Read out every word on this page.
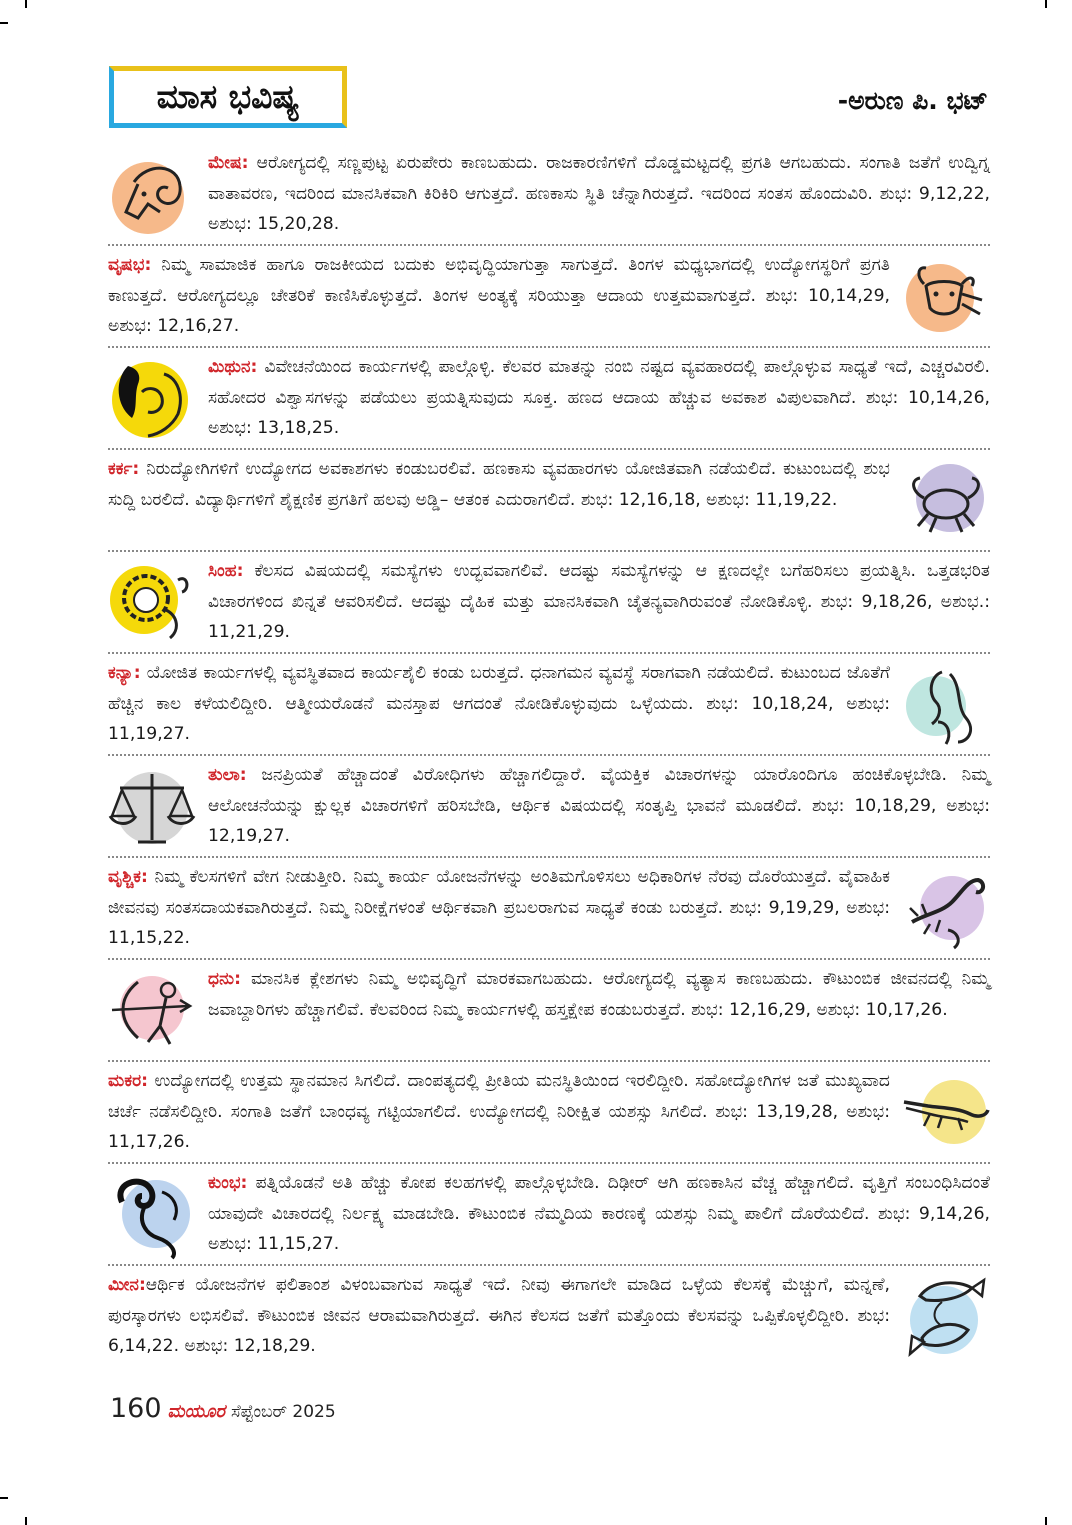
ಮಾಸ ಭವಿಷ್ಯ	-ಅರುಣ ಪಿ. ಭಟ್
ಮೇಷ: ಆರೋಗ್ಯದಲ್ಲಿ ಸಣ್ಣಪುಟ್ಟ ಏರುಪೇರು ಕಾಣಬಹುದು. ರಾಜಕಾರಣಿಗಳಿಗೆ ದೊಡ್ಡಮಟ್ಟದಲ್ಲಿ ಪ್ರಗತಿ ಆಗಬಹುದು. ಸಂಗಾತಿ ಜತೆಗೆ ಉದ್ವಿಗ್ನ ವಾತಾವರಣ, ಇದರಿಂದ ಮಾನಸಿಕವಾಗಿ ಕಿರಿಕಿರಿ ಆಗುತ್ತದೆ. ಹಣಕಾಸು ಸ್ಥಿತಿ ಚೆನ್ನಾಗಿರುತ್ತದೆ. ಇದರಿಂದ ಸಂತಸ ಹೊಂದುವಿರಿ. ಶುಭ: 9,12,22, ಅಶುಭ: 15,20,28.
ವೃಷಭ: ನಿಮ್ಮ ಸಾಮಾಜಿಕ ಹಾಗೂ ರಾಜಕೀಯದ ಬದುಕು ಅಭಿವೃದ್ಧಿಯಾಗುತ್ತಾ ಸಾಗುತ್ತದೆ. ತಿಂಗಳ ಮಧ್ಯಭಾಗದಲ್ಲಿ ಉದ್ಯೋಗಸ್ಥರಿಗೆ ಪ್ರಗತಿ ಕಾಣುತ್ತದೆ. ಆರೋಗ್ಯದಲ್ಲೂ ಚೇತರಿಕೆ ಕಾಣಿಸಿಕೊಳ್ಳುತ್ತದೆ. ತಿಂಗಳ ಅಂತ್ಯಕ್ಕೆ ಸರಿಯುತ್ತಾ ಆದಾಯ ಉತ್ತಮವಾಗುತ್ತದೆ. ಶುಭ: 10,14,29, ಅಶುಭ: 12,16,27.
ಮಿಥುನ: ವಿವೇಚನೆಯಿಂದ ಕಾರ್ಯಗಳಲ್ಲಿ ಪಾಲ್ಗೊಳ್ಳಿ. ಕೆಲವರ ಮಾತನ್ನು ನಂಬಿ ನಷ್ಟದ ವ್ಯವಹಾರದಲ್ಲಿ ಪಾಲ್ಗೊಳ್ಳುವ ಸಾಧ್ಯತೆ ಇದೆ, ಎಚ್ಚರವಿರಲಿ. ಸಹೋದರ ವಿಶ್ವಾಸಗಳನ್ನು ಪಡೆಯಲು ಪ್ರಯತ್ನಿಸುವುದು ಸೂಕ್ತ. ಹಣದ ಆದಾಯ ಹೆಚ್ಚುವ ಅವಕಾಶ ವಿಪುಲವಾಗಿದೆ. ಶುಭ: 10,14,26, ಅಶುಭ: 13,18,25.
ಕರ್ಕ: ನಿರುದ್ಯೋಗಿಗಳಿಗೆ ಉದ್ಯೋಗದ ಅವಕಾಶಗಳು ಕಂಡುಬರಲಿವೆ. ಹಣಕಾಸು ವ್ಯವಹಾರಗಳು ಯೋಜಿತವಾಗಿ ನಡೆಯಲಿದೆ. ಕುಟುಂಬದಲ್ಲಿ ಶುಭ ಸುದ್ದಿ ಬರಲಿದೆ. ವಿದ್ಯಾರ್ಥಿಗಳಿಗೆ ಶೈಕ್ಷಣಿಕ ಪ್ರಗತಿಗೆ ಹಲವು ಅಡ್ಡಿ– ಆತಂಕ ಎದುರಾಗಲಿದೆ. ಶುಭ: 12,16,18, ಅಶುಭ: 11,19,22.
ಸಿಂಹ: ಕೆಲಸದ ವಿಷಯದಲ್ಲಿ ಸಮಸ್ಯೆಗಳು ಉದ್ಭವವಾಗಲಿವೆ. ಆದಷ್ಟು ಸಮಸ್ಯೆಗಳನ್ನು ಆ ಕ್ಷಣದಲ್ಲೇ ಬಗೆಹರಿಸಲು ಪ್ರಯತ್ನಿಸಿ. ಒತ್ತಡಭರಿತ ವಿಚಾರಗಳಿಂದ ಖಿನ್ನತೆ ಆವರಿಸಲಿದೆ. ಆದಷ್ಟು ದೈಹಿಕ ಮತ್ತು ಮಾನಸಿಕವಾಗಿ ಚೈತನ್ಯವಾಗಿರುವಂತೆ ನೋಡಿಕೊಳ್ಳಿ. ಶುಭ: 9,18,26, ಅಶುಭ.: 11,21,29.
ಕನ್ಯಾ: ಯೋಜಿತ ಕಾರ್ಯಗಳಲ್ಲಿ ವ್ಯವಸ್ಥಿತವಾದ ಕಾರ್ಯಶೈಲಿ ಕಂಡು ಬರುತ್ತದೆ. ಧನಾಗಮನ ವ್ಯವಸ್ಥೆ ಸರಾಗವಾಗಿ ನಡೆಯಲಿದೆ. ಕುಟುಂಬದ ಜೊತೆಗೆ ಹೆಚ್ಚಿನ ಕಾಲ ಕಳೆಯಲಿದ್ದೀರಿ. ಆತ್ಮೀಯರೊಡನೆ ಮನಸ್ತಾಪ ಆಗದಂತೆ ನೋಡಿಕೊಳ್ಳುವುದು ಒಳ್ಳೆಯದು. ಶುಭ: 10,18,24, ಅಶುಭ: 11,19,27.
ತುಲಾ: ಜನಪ್ರಿಯತೆ ಹೆಚ್ಚಾದಂತೆ ವಿರೋಧಿಗಳು ಹೆಚ್ಚಾಗಲಿದ್ದಾರೆ. ವೈಯಕ್ತಿಕ ವಿಚಾರಗಳನ್ನು ಯಾರೊಂದಿಗೂ ಹಂಚಿಕೊಳ್ಳಬೇಡಿ. ನಿಮ್ಮ ಆಲೋಚನೆಯನ್ನು ಕ್ಷುಲ್ಲಕ ವಿಚಾರಗಳಿಗೆ ಹರಿಸಬೇಡಿ, ಆರ್ಥಿಕ ವಿಷಯದಲ್ಲಿ ಸಂತೃಪ್ತಿ ಭಾವನೆ ಮೂಡಲಿದೆ. ಶುಭ: 10,18,29, ಅಶುಭ: 12,19,27.
ವೃಶ್ಚಿಕ: ನಿಮ್ಮ ಕೆಲಸಗಳಿಗೆ ವೇಗ ನೀಡುತ್ತೀರಿ. ನಿಮ್ಮ ಕಾರ್ಯ ಯೋಜನೆಗಳನ್ನು ಅಂತಿಮಗೊಳಿಸಲು ಅಧಿಕಾರಿಗಳ ನೆರವು ದೊರೆಯುತ್ತದೆ. ವೈವಾಹಿಕ ಜೀವನವು ಸಂತಸದಾಯಕವಾಗಿರುತ್ತದೆ. ನಿಮ್ಮ ನಿರೀಕ್ಷೆಗಳಂತೆ ಆರ್ಥಿಕವಾಗಿ ಪ್ರಬಲರಾಗುವ ಸಾಧ್ಯತೆ ಕಂಡು ಬರುತ್ತದೆ. ಶುಭ: 9,19,29, ಅಶುಭ: 11,15,22.
ಧನು: ಮಾನಸಿಕ ಕ್ಲೇಶಗಳು ನಿಮ್ಮ ಅಭಿವೃದ್ಧಿಗೆ ಮಾರಕವಾಗಬಹುದು. ಆರೋಗ್ಯದಲ್ಲಿ ವ್ಯತ್ಯಾಸ ಕಾಣಬಹುದು. ಕೌಟುಂಬಿಕ ಜೀವನದಲ್ಲಿ ನಿಮ್ಮ ಜವಾಬ್ದಾರಿಗಳು ಹೆಚ್ಚಾಗಲಿವೆ. ಕೆಲವರಿಂದ ನಿಮ್ಮ ಕಾರ್ಯಗಳಲ್ಲಿ ಹಸ್ತಕ್ಷೇಪ ಕಂಡುಬರುತ್ತದೆ. ಶುಭ: 12,16,29, ಅಶುಭ: 10,17,26.
ಮಕರ: ಉದ್ಯೋಗದಲ್ಲಿ ಉತ್ತಮ ಸ್ಥಾನಮಾನ ಸಿಗಲಿದೆ. ದಾಂಪತ್ಯದಲ್ಲಿ ಪ್ರೀತಿಯ ಮನಸ್ಥಿತಿಯಿಂದ ಇರಲಿದ್ದೀರಿ. ಸಹೋದ್ಯೋಗಿಗಳ ಜತೆ ಮುಖ್ಯವಾದ ಚರ್ಚೆ ನಡೆಸಲಿದ್ದೀರಿ. ಸಂಗಾತಿ ಜತೆಗೆ ಬಾಂಧವ್ಯ ಗಟ್ಟಿಯಾಗಲಿದೆ. ಉದ್ಯೋಗದಲ್ಲಿ ನಿರೀಕ್ಷಿತ ಯಶಸ್ಸು ಸಿಗಲಿದೆ. ಶುಭ: 13,19,28, ಅಶುಭ: 11,17,26.
ಕುಂಭ: ಪತ್ನಿಯೊಡನೆ ಅತಿ ಹೆಚ್ಚು ಕೋಪ ಕಲಹಗಳಲ್ಲಿ ಪಾಲ್ಗೊಳ್ಳಬೇಡಿ. ದಿಢೀರ್ ಆಗಿ ಹಣಕಾಸಿನ ವೆಚ್ಚ ಹೆಚ್ಚಾಗಲಿದೆ. ವೃತ್ತಿಗೆ ಸಂಬಂಧಿಸಿದಂತೆ ಯಾವುದೇ ವಿಚಾರದಲ್ಲಿ ನಿರ್ಲಕ್ಷ್ಯ ಮಾಡಬೇಡಿ. ಕೌಟುಂಬಿಕ ನೆಮ್ಮದಿಯ ಕಾರಣಕ್ಕೆ ಯಶಸ್ಸು ನಿಮ್ಮ ಪಾಲಿಗೆ ದೊರೆಯಲಿದೆ. ಶುಭ: 9,14,26, ಅಶುಭ: 11,15,27.
ಮೀನ:ಆರ್ಥಿಕ ಯೋಜನೆಗಳ ಫಲಿತಾಂಶ ವಿಳಂಬವಾಗುವ ಸಾಧ್ಯತೆ ಇದೆ. ನೀವು ಈಗಾಗಲೇ ಮಾಡಿದ ಒಳ್ಳೆಯ ಕೆಲಸಕ್ಕೆ ಮೆಚ್ಚುಗೆ, ಮನ್ನಣೆ, ಪುರಸ್ಕಾರಗಳು ಲಭಿಸಲಿವೆ. ಕೌಟುಂಬಿಕ ಜೀವನ ಆರಾಮವಾಗಿರುತ್ತದೆ. ಈಗಿನ ಕೆಲಸದ ಜತೆಗೆ ಮತ್ತೊಂದು ಕೆಲಸವನ್ನು ಒಪ್ಪಿಕೊಳ್ಳಲಿದ್ದೀರಿ. ಶುಭ: 6,14,22. ಅಶುಭ: 12,18,29.
160 ಮಯೂರ ಸೆಪ್ಟೆಂಬರ್ 2025
